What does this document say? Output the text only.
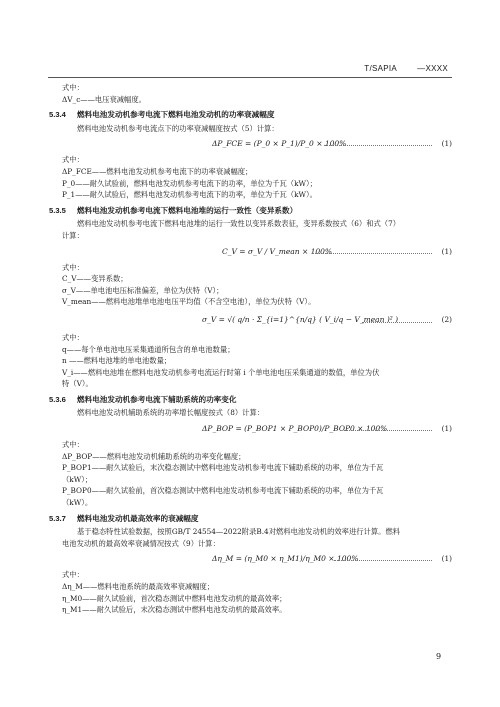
T/SAPIA	—XXXX

式中：

ΔV_c——电压衰减幅度。

5.3.4 燃料电池发动机参考电流下燃料电池发动机的功率衰减幅度

燃料电池发动机参考电流点下的功率衰减幅度按式（5）计算：

ΔP_FCE = (P_0 × P_1)/P_0 × 100%	(1)

式中：

ΔP_FCE——燃料电池发动机参考电流下的功率衰减幅度；

P_0——耐久试验前，燃料电池发动机参考电流下的功率，单位为千瓦（kW）；

P_1——耐久试验后，燃料电池发动机参考电流下的功率，单位为千瓦（kW）。

5.3.5 燃料电池发动机参考电流下燃料电池堆的运行一致性（变异系数）

燃料电池发动机参考电流下燃料电池堆的运行一致性以变异系数表征，变异系数按式（6）和式（7）

计算：

C_V = σ_V / V_mean × 100%	(1)

式中：

C_V——变异系数；

σ_V——单电池电压标准偏差，单位为伏特（V）；

V_mean——燃料电池堆单电池电压平均值（不含空电池），单位为伏特（V）。

σ_V = √( q/n · Σ_{i=1}^{n/q} ( V_i/q − V_mean )² )	(2)

式中：

q——每个单电池电压采集通道所包含的单电池数量；

n ——燃料电池堆的单电池数量；

V_i——燃料电池堆在燃料电池发动机参考电流运行时第 i 个单电池电压采集通道的数值，单位为伏

特（V）。

5.3.6 燃料电池发动机参考电流下辅助系统的功率变化

燃料电池发动机辅助系统的功率增长幅度按式（8）计算：

ΔP_BOP = (P_BOP1 × P_BOP0)/P_BOP0 × 100%	(1)

式中：

ΔP_BOP——燃料电池发动机辅助系统的功率变化幅度；

P_BOP1——耐久试验后，末次稳态测试中燃料电池发动机参考电流下辅助系统的功率，单位为千瓦

（kW）；

P_BOP0——耐久试验前，首次稳态测试中燃料电池发动机参考电流下辅助系统的功率，单位为千瓦

（kW）。

5.3.7 燃料电池发动机最高效率的衰减幅度

基于稳态特性试验数据，按照GB/T 24554—2022附录B.4对燃料电池发动机的效率进行计算。燃料

电池发动机的最高效率衰减情况按式（9）计算：

Δη_M = (η_M0 × η_M1)/η_M0 × 100%	(1)

式中：

Δη_M——燃料电池系统的最高效率衰减幅度；

η_M0——耐久试验前，首次稳态测试中燃料电池发动机的最高效率；

η_M1——耐久试验后，末次稳态测试中燃料电池发动机的最高效率。

9
